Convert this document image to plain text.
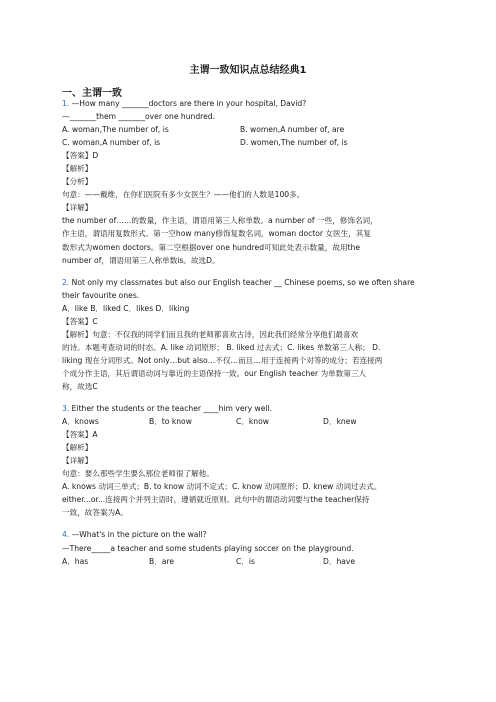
主谓一致知识点总结经典1
一、主谓一致
1. —How many _______doctors are there in your hospital, David?
—_______them _______over one hundred.
A. woman,The number of, is	B. women,A number of, are
C. woman,A number of, is	D. women,The number of, is
【答案】D
【解析】
【分析】
句意：——戴维，在你们医院有多少女医生？——他们的人数是100多。
【详解】
the number of……的数量，作主语，谓语用第三人称单数。a number of 一些，修饰名词，
作主语，谓语用复数形式。第一空how many修饰复数名词，woman doctor 女医生，其复
数形式为women doctors。第二空根据over one hundred可知此处表示数量，故用the
number of，谓语用第三人称单数is。故选D。
2. Not only my classmates but also our English teacher __ Chinese poems, so we often share
their favourite ones.
A．like B．liked C．likes D．liking
【答案】C
【解析】句意：不仅我的同学们而且我的老师都喜欢古诗，因此我们经常分享他们最喜欢
的诗。本题考查动词的时态。A. like 动词原形； B. liked 过去式；C. likes 单数第三人称； D.
liking 现在分词形式。Not only…but also…不仅…而且…用于连接两个对等的成分；若连接两
个成分作主语，其后谓语动词与靠近的主语保持一致。our English teacher 为单数第三人
称，故选C
3. Either the students or the teacher ____him very well.
A．knows	B．to know	C．know	D．knew
【答案】A
【解析】
【详解】
句意：要么那些学生要么那位老师很了解他。
A. knows 动词三单式；B. to know 动词不定式；C. know 动词原形；D. knew 动词过去式。
either...or...连接两个并列主语时，遵循就近原则。此句中的谓语动词要与the teacher保持
一致，故答案为A。
4. —What's in the picture on the wall?
—There_____a teacher and some students playing soccer on the playground.
A．has	B．are	C．is	D．have
